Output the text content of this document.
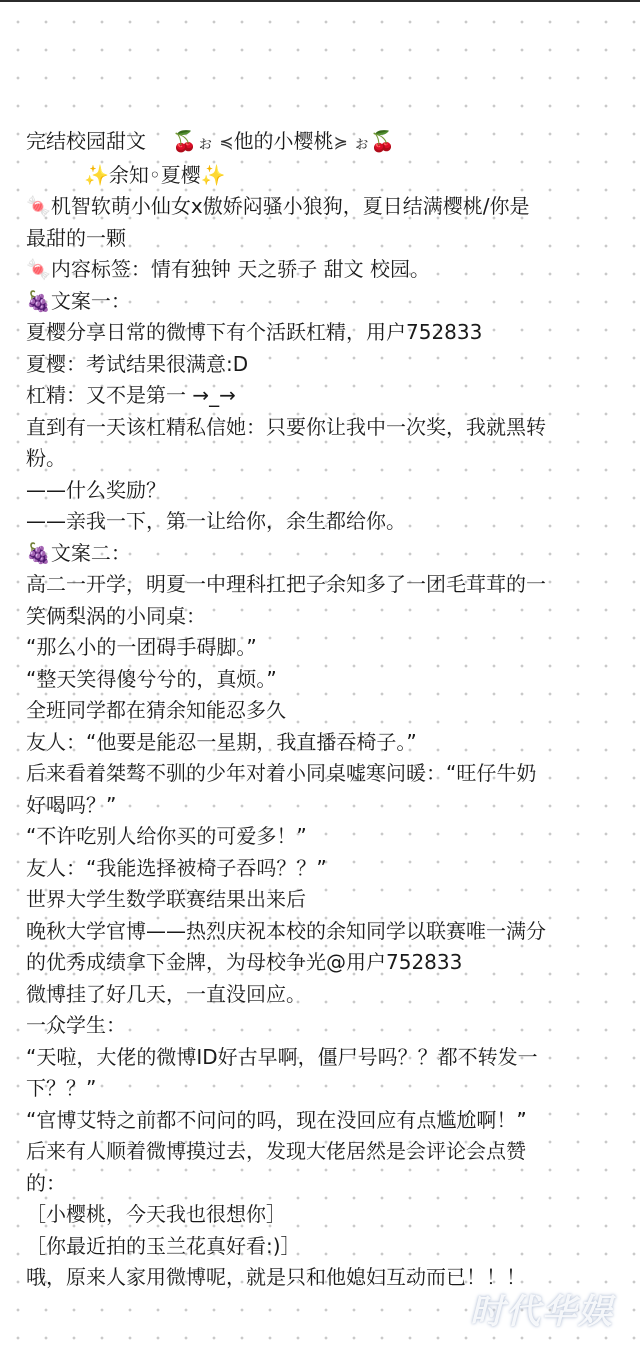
完结校园甜文 🍒ぉ ≼他的小樱桃≽ ぉ🍒
✨余知◦夏樱✨
🍬机智软萌小仙女x傲娇闷骚小狼狗，夏日结满樱桃/你是
最甜的一颗
🍬内容标签：情有独钟 天之骄子 甜文 校园。
🍇文案一：
夏樱分享日常的微博下有个活跃杠精，用户752833
夏樱：考试结果很满意:D
杠精：又不是第一 →_→
直到有一天该杠精私信她：只要你让我中一次奖，我就黑转
粉。
——什么奖励？
——亲我一下，第一让给你，余生都给你。
🍇文案二：
高二一开学，明夏一中理科扛把子余知多了一团毛茸茸的一
笑俩梨涡的小同桌：
“那么小的一团碍手碍脚。”
“整天笑得傻兮兮的，真烦。”
全班同学都在猜余知能忍多久
友人：“他要是能忍一星期，我直播吞椅子。”
后来看着桀骜不驯的少年对着小同桌嘘寒问暖：“旺仔牛奶
好喝吗？”
“不许吃别人给你买的可爱多！”
友人：“我能选择被椅子吞吗？？”
世界大学生数学联赛结果出来后
晚秋大学官博——热烈庆祝本校的余知同学以联赛唯一满分
的优秀成绩拿下金牌，为母校争光@用户752833
微博挂了好几天，一直没回应。
一众学生：
“天啦，大佬的微博ID好古早啊，僵尸号吗？？都不转发一
下？？”
“官博艾特之前都不问问的吗，现在没回应有点尴尬啊！”
后来有人顺着微博摸过去，发现大佬居然是会评论会点赞
的：
［小樱桃，今天我也很想你］
［你最近拍的玉兰花真好看:)］
哦，原来人家用微博呢，就是只和他媳妇互动而已！！！
时代华娱
